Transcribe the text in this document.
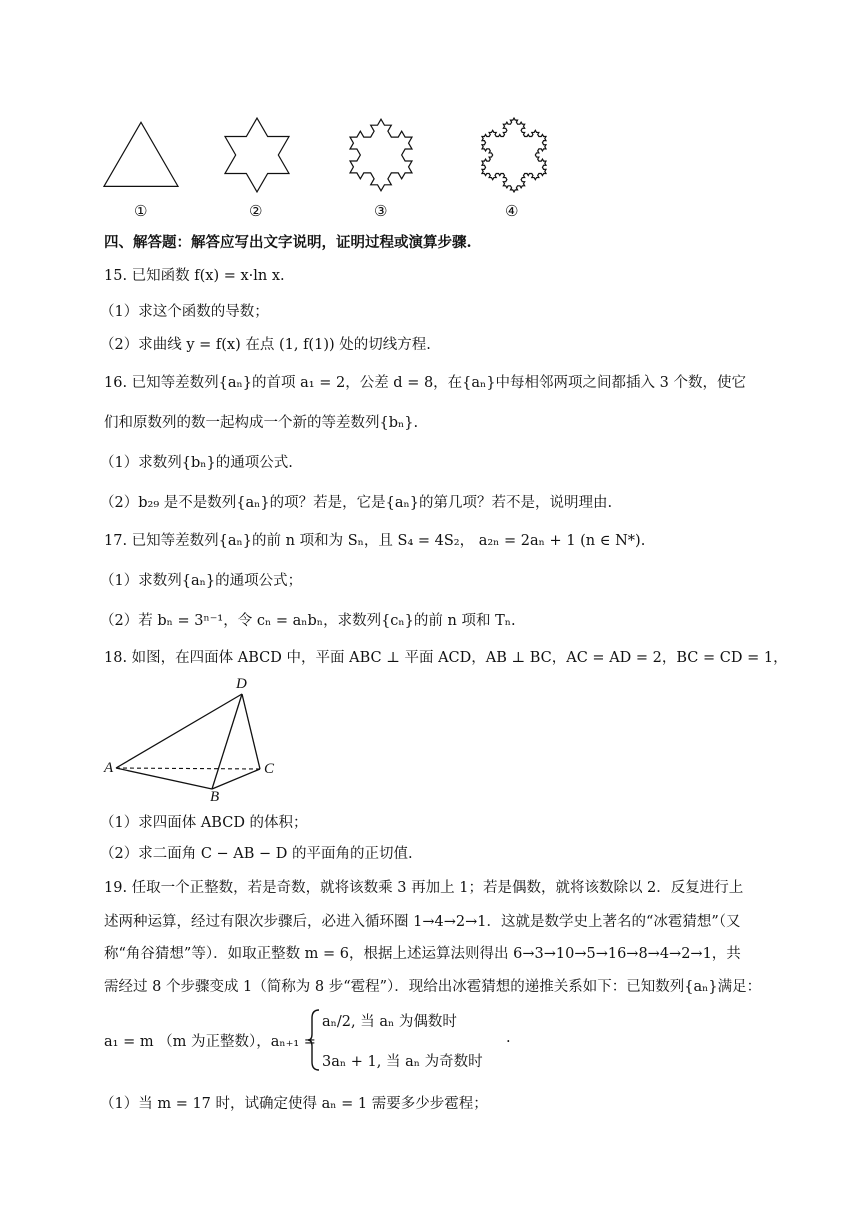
①	②	③	④
四、解答题：解答应写出文字说明，证明过程或演算步骤.
15. 已知函数 f(x) = x·ln x.
（1）求这个函数的导数；
（2）求曲线 y = f(x) 在点 (1, f(1)) 处的切线方程.
16. 已知等差数列{aₙ}的首项 a₁ = 2，公差 d = 8，在{aₙ}中每相邻两项之间都插入 3 个数，使它
们和原数列的数一起构成一个新的等差数列{bₙ}.
（1）求数列{bₙ}的通项公式.
（2）b₂₉ 是不是数列{aₙ}的项？若是，它是{aₙ}的第几项？若不是，说明理由.
17. 已知等差数列{aₙ}的前 n 项和为 Sₙ，且 S₄ = 4S₂， a₂ₙ = 2aₙ + 1 (n ∈ N*).
（1）求数列{aₙ}的通项公式；
（2）若 bₙ = 3ⁿ⁻¹，令 cₙ = aₙbₙ，求数列{cₙ}的前 n 项和 Tₙ.
18. 如图，在四面体 ABCD 中，平面 ABC ⊥ 平面 ACD，AB ⊥ BC，AC = AD = 2，BC = CD = 1，
D
A	C
B
（1）求四面体 ABCD 的体积；
（2）求二面角 C − AB − D 的平面角的正切值.
19. 任取一个正整数，若是奇数，就将该数乘 3 再加上 1；若是偶数，就将该数除以 2．反复进行上
述两种运算，经过有限次步骤后，必进入循环圈 1→4→2→1．这就是数学史上著名的“冰雹猜想”（又
称“角谷猜想”等）．如取正整数 m = 6，根据上述运算法则得出 6→3→10→5→16→8→4→2→1，共
需经过 8 个步骤变成 1（简称为 8 步“雹程”）．现给出冰雹猜想的递推关系如下：已知数列{aₙ}满足：
a₁ = m （m 为正整数），aₙ₊₁ =
aₙ/2, 当 aₙ 为偶数时
3aₙ + 1, 当 aₙ 为奇数时
.
（1）当 m = 17 时，试确定使得 aₙ = 1 需要多少步雹程；
